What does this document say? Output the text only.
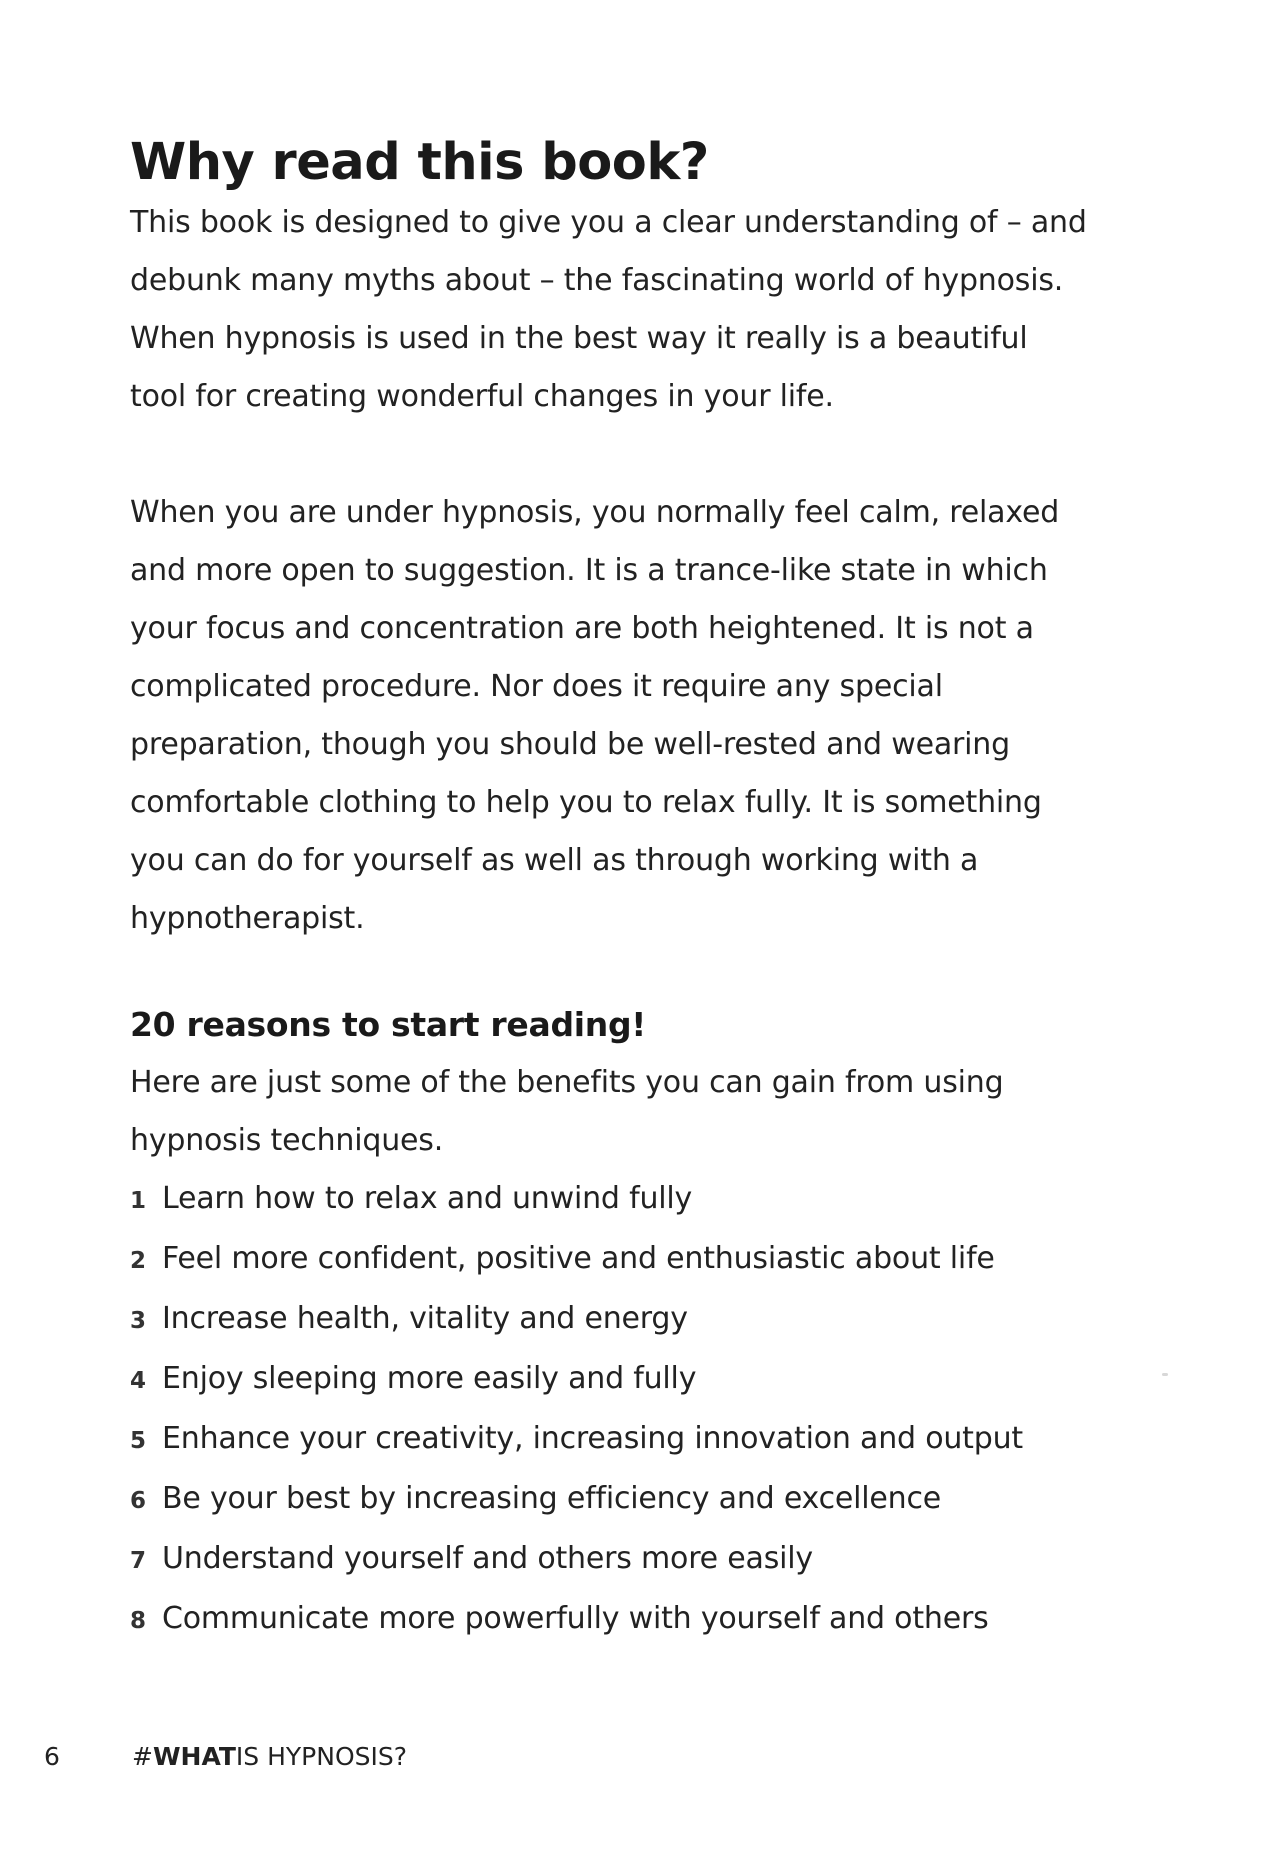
Why read this book?

This book is designed to give you a clear understanding of – and debunk many myths about – the fascinating world of hypnosis. When hypnosis is used in the best way it really is a beautiful tool for creating wonderful changes in your life.

When you are under hypnosis, you normally feel calm, relaxed and more open to suggestion. It is a trance-like state in which your focus and concentration are both heightened. It is not a complicated procedure. Nor does it require any special preparation, though you should be well-rested and wearing comfortable clothing to help you to relax fully. It is something you can do for yourself as well as through working with a hypnotherapist.

20 reasons to start reading!

Here are just some of the benefits you can gain from using hypnosis techniques.

1 Learn how to relax and unwind fully
2 Feel more confident, positive and enthusiastic about life
3 Increase health, vitality and energy
4 Enjoy sleeping more easily and fully
5 Enhance your creativity, increasing innovation and output
6 Be your best by increasing efficiency and excellence
7 Understand yourself and others more easily
8 Communicate more powerfully with yourself and others
6	#WHATIS HYPNOSIS?
